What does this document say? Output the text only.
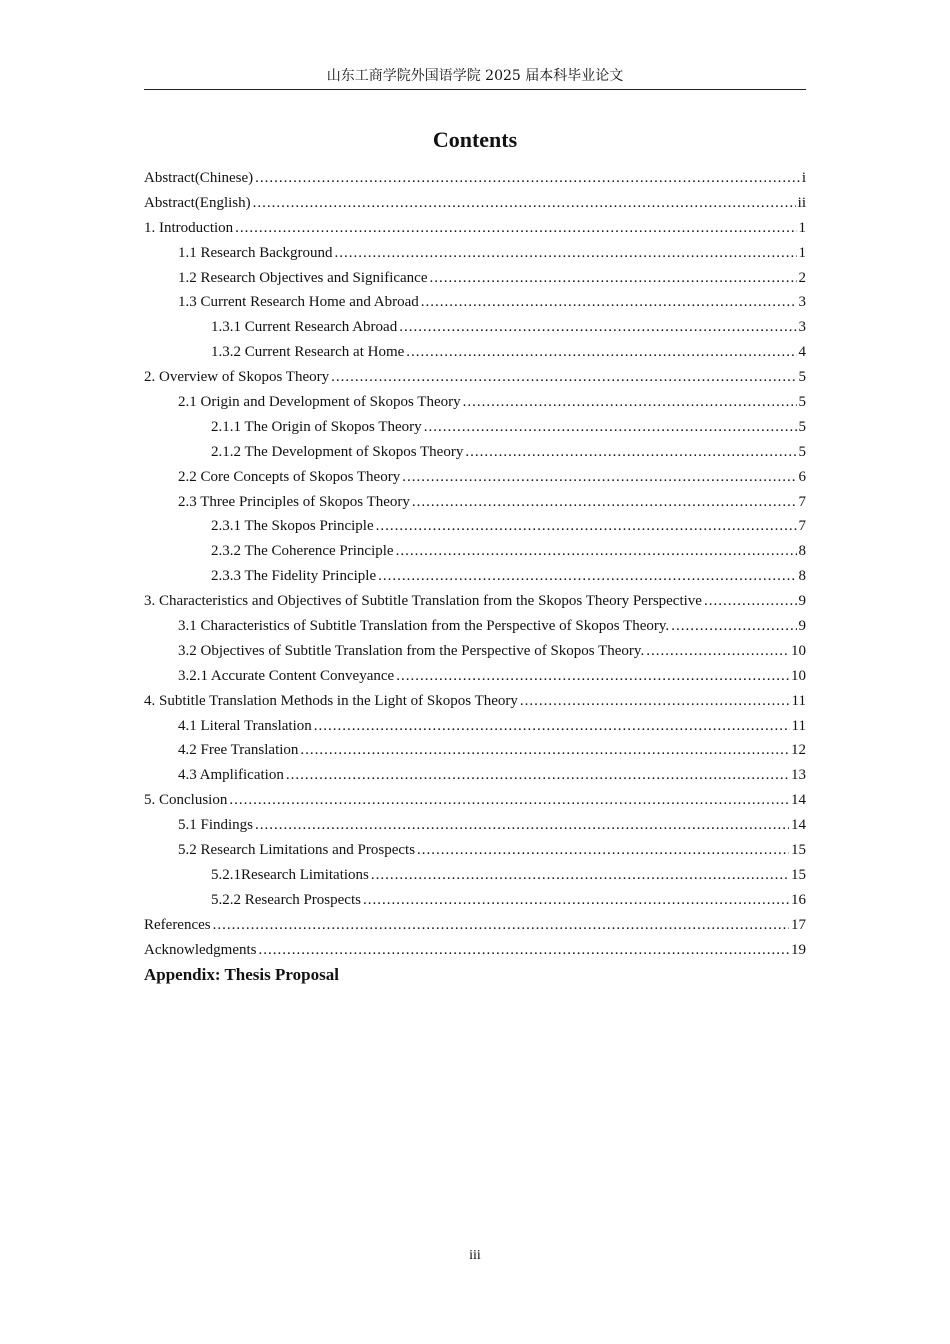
山东工商学院外国语学院 2025 届本科毕业论文
Contents
Abstract(Chinese) .....	i
Abstract(English) .....	ii
1. Introduction .....	1
1.1 Research Background .....	1
1.2 Research Objectives and Significance .....	2
1.3 Current Research Home and Abroad .....	3
1.3.1 Current Research Abroad .....	3
1.3.2 Current Research at Home .....	4
2. Overview of Skopos Theory .....	5
2.1 Origin and Development of Skopos Theory .....	5
2.1.1 The Origin of Skopos Theory .....	5
2.1.2 The Development of Skopos Theory .....	5
2.2 Core Concepts of Skopos Theory .....	6
2.3 Three Principles of Skopos Theory .....	7
2.3.1 The Skopos Principle .....	7
2.3.2 The Coherence Principle .....	8
2.3.3 The Fidelity Principle .....	8
3. Characteristics and Objectives of Subtitle Translation from the Skopos Theory Perspective .....	9
3.1 Characteristics of Subtitle Translation from the Perspective of Skopos Theory. .....	9
3.2 Objectives of Subtitle Translation from the Perspective of Skopos Theory. .....	10
3.2.1 Accurate Content Conveyance .....	10
4. Subtitle Translation Methods in the Light of Skopos Theory .....	11
4.1 Literal Translation .....	11
4.2 Free Translation .....	12
4.3 Amplification .....	13
5. Conclusion .....	14
5.1 Findings .....	14
5.2 Research Limitations and Prospects .....	15
5.2.1Research Limitations .....	15
5.2.2 Research Prospects .....	16
References .....	17
Acknowledgments .....	19
Appendix: Thesis Proposal
iii
